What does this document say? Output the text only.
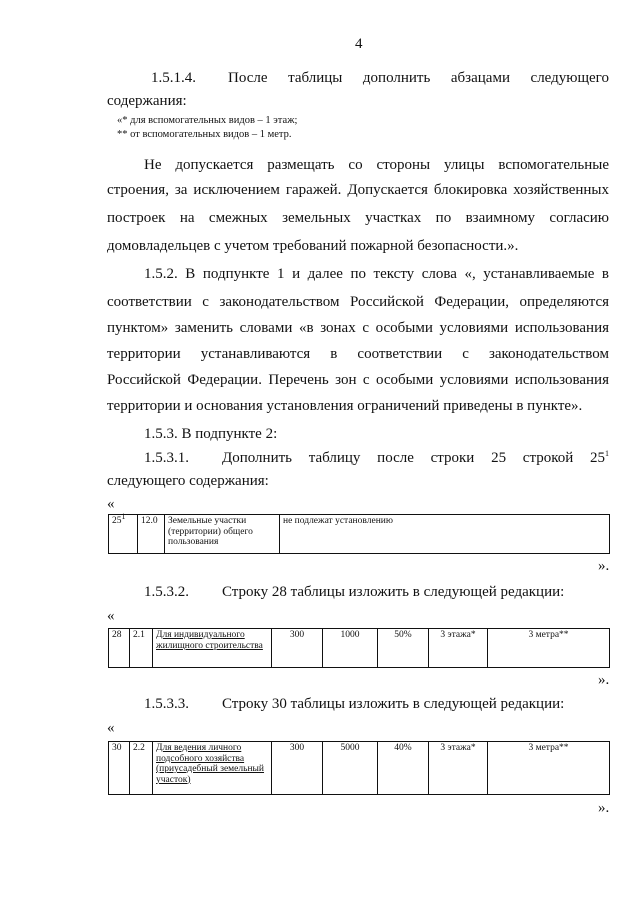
4
1.5.1.4. После таблицы дополнить абзацами следующего
содержания:
«* для вспомогательных видов – 1 этаж;
** от вспомогательных видов – 1 метр.
Не допускается размещать со стороны улицы вспомогательные
строения, за исключением гаражей. Допускается блокировка хозяйственных
построек на смежных земельных участках по взаимному согласию
домовладельцев с учетом требований пожарной безопасности.».
1.5.2. В подпункте 1 и далее по тексту слова «, устанавливаемые в
соответствии с законодательством Российской Федерации, определяются
пунктом» заменить словами «в зонах с особыми условиями использования
территории устанавливаются в соответствии с законодательством
Российской Федерации. Перечень зон с особыми условиями использования
территории и основания установления ограничений приведены в пункте».
1.5.3. В подпункте 2:
1.5.3.1. Дополнить таблицу после строки 25 строкой $25^1$
следующего содержания:
«
$25^1$	12.0	Земельные участки (территории) общего пользования	не подлежат установлению
».
1.5.3.2. Строку 28 таблицы изложить в следующей редакции:
«
28	2.1	Для индивидуального жилищного строительства	300	1000	50%	3 этажа*	3 метра**
».
1.5.3.3. Строку 30 таблицы изложить в следующей редакции:
«
30	2.2	Для ведения личного подсобного хозяйства (приусадебный земельный участок)	300	5000	40%	3 этажа*	3 метра**
».
